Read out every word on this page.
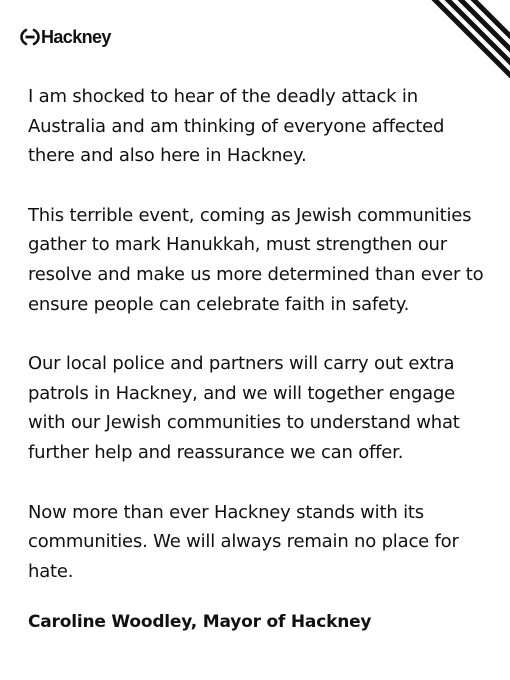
Hackney

I am shocked to hear of the deadly attack in
Australia and am thinking of everyone affected
there and also here in Hackney.

This terrible event, coming as Jewish communities
gather to mark Hanukkah, must strengthen our
resolve and make us more determined than ever to
ensure people can celebrate faith in safety.

Our local police and partners will carry out extra
patrols in Hackney, and we will together engage
with our Jewish communities to understand what
further help and reassurance we can offer.

Now more than ever Hackney stands with its
communities. We will always remain no place for
hate.

Caroline Woodley, Mayor of Hackney
